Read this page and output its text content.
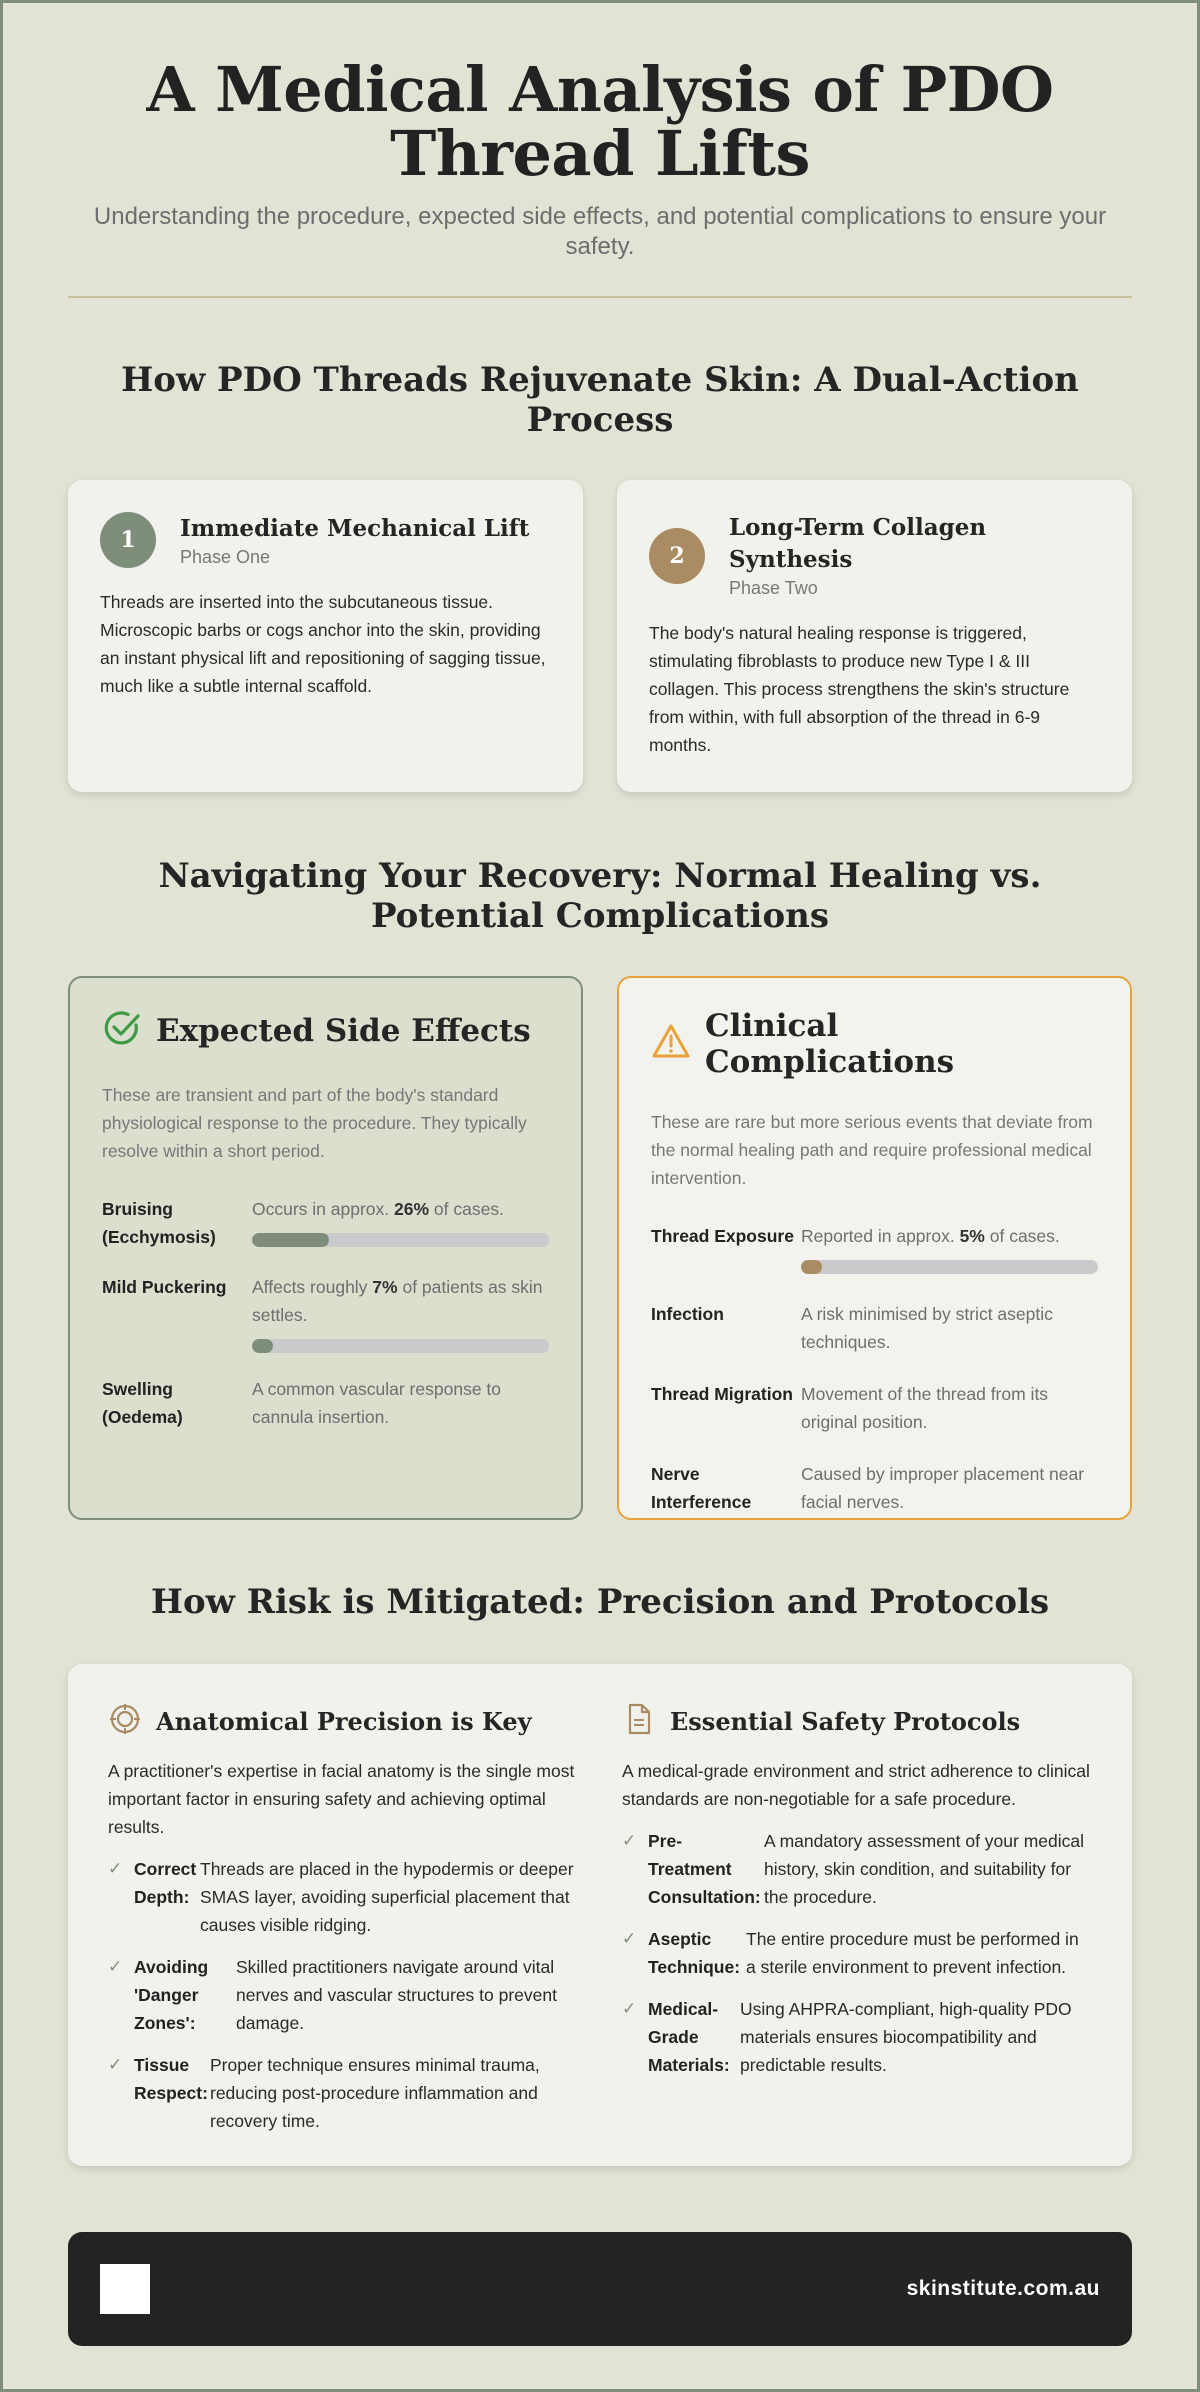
A Medical Analysis of PDO Thread Lifts

Understanding the procedure, expected side effects, and potential complications to ensure your safety.

How PDO Threads Rejuvenate Skin: A Dual-Action Process
1	Immediate Mechanical Lift
Phase One

Threads are inserted into the subcutaneous tissue. Microscopic barbs or cogs anchor into the skin, providing an instant physical lift and repositioning of sagging tissue, much like a subtle internal scaffold.

2
Long-Term Collagen Synthesis
Phase Two

The body's natural healing response is triggered, stimulating fibroblasts to produce new Type I & III collagen. This process strengthens the skin's structure from within, with full absorption of the thread in 6-9 months.

Navigating Your Recovery: Normal Healing vs. Potential Complications
Expected Side Effects

These are transient and part of the body's standard physiological response to the procedure. They typically resolve within a short period.

Bruising (Ecchymosis)
Occurs in approx. 26% of cases.
Mild Puckering	Affects roughly 7% of patients as skin settles.
Swelling (Oedema)
A common vascular response to cannula insertion.
Clinical Complications

These are rare but more serious events that deviate from the normal healing path and require professional medical intervention.

Thread Exposure Reported in approx. 5% of cases.
Infection	A risk minimised by strict aseptic techniques.
Thread Migration Movement of the thread from its original position.
Nerve Interference
Caused by improper placement near facial nerves.
How Risk is Mitigated: Precision and Protocols
Anatomical Precision is Key

A practitioner's expertise in facial anatomy is the single most important factor in ensuring safety and achieving optimal results.

✓ Correct Depth:
Threads are placed in the hypodermis or deeper SMAS layer, avoiding superficial placement that causes visible ridging.
✓ Avoiding 'Danger Zones':
Skilled practitioners navigate around vital nerves and vascular structures to prevent damage.
✓ Tissue Respect:
Proper technique ensures minimal trauma, reducing post-procedure inflammation and recovery time.
Essential Safety Protocols

A medical-grade environment and strict adherence to clinical standards are non-negotiable for a safe procedure.

✓ Pre-Treatment Consultation:
A mandatory assessment of your medical history, skin condition, and suitability for the procedure.
✓ Aseptic Technique:
The entire procedure must be performed in a sterile environment to prevent infection.
✓ Medical-Grade Materials:
Using AHPRA-compliant, high-quality PDO materials ensures biocompatibility and predictable results.
skinstitute.com.au
